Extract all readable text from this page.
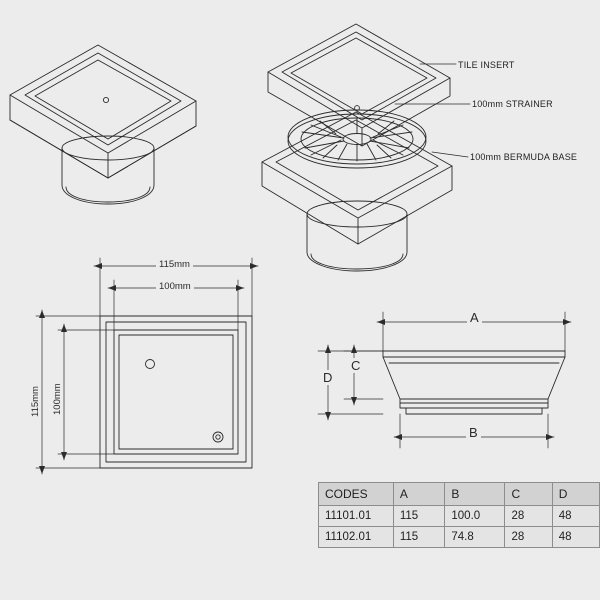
TILE INSERT
100mm STRAINER
100mm BERMUDA BASE
115mm
100mm
115mm 100mm
A
B
C
D
CODES	A	B	C	D
11101.01	115	100.0	28	48
11102.01	115	74.8	28	48
